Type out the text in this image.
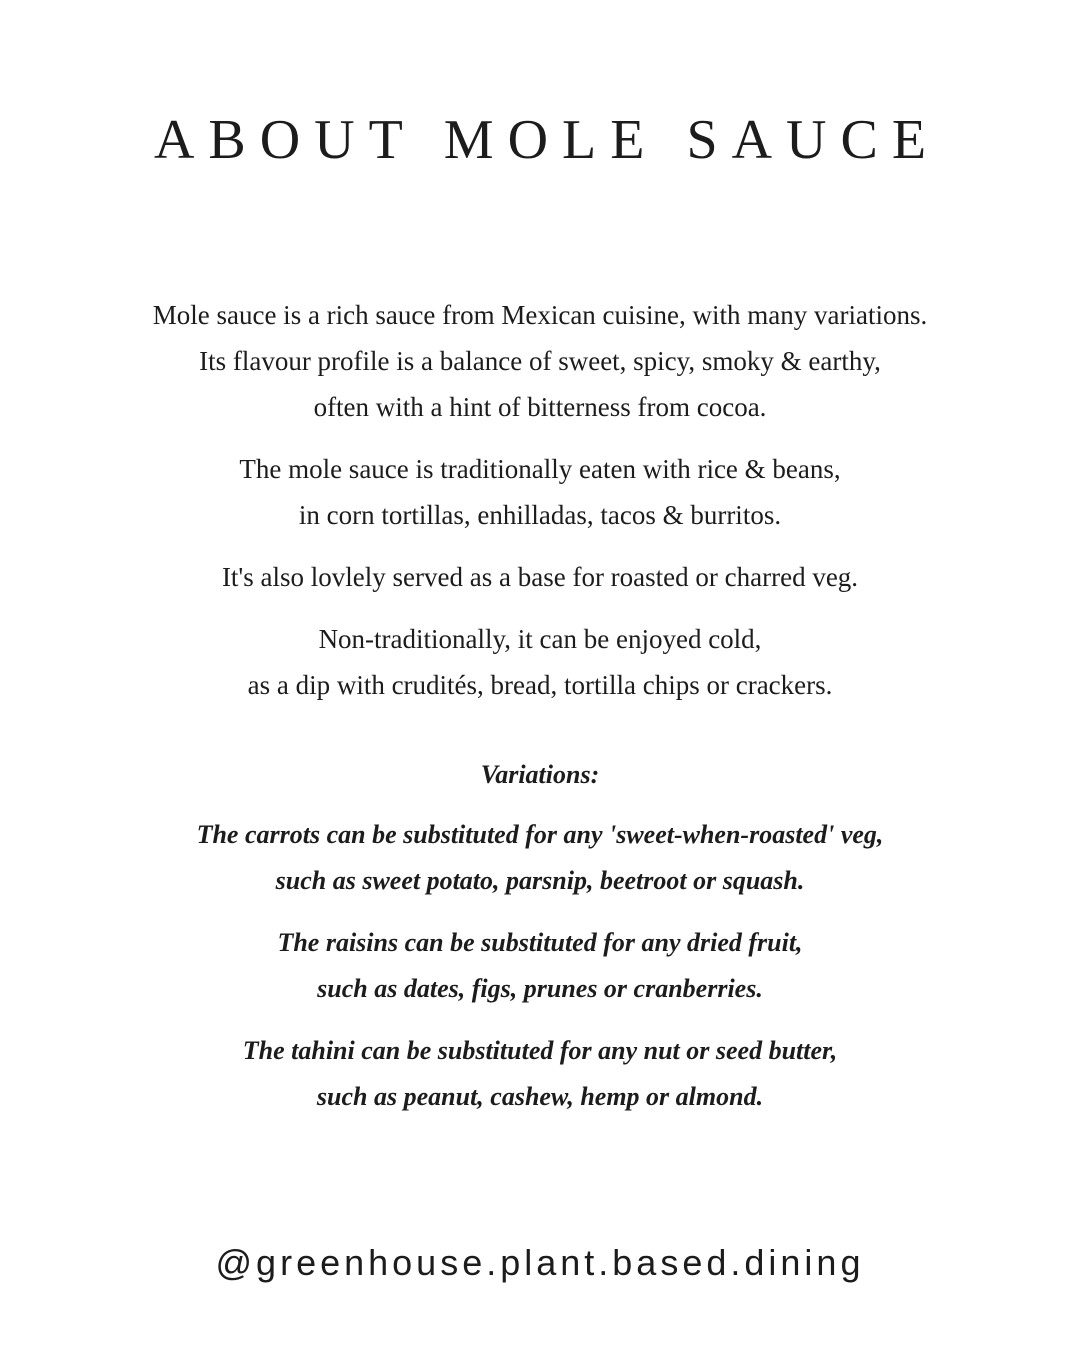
ABOUT MOLE SAUCE

Mole sauce is a rich sauce from Mexican cuisine, with many variations.
Its flavour profile is a balance of sweet, spicy, smoky & earthy,
often with a hint of bitterness from cocoa.

The mole sauce is traditionally eaten with rice & beans,
in corn tortillas, enhilladas, tacos & burritos.

It's also lovlely served as a base for roasted or charred veg.

Non-traditionally, it can be enjoyed cold,
as a dip with crudités, bread, tortilla chips or crackers.

Variations:

The carrots can be substituted for any 'sweet-when-roasted' veg,
such as sweet potato, parsnip, beetroot or squash.

The raisins can be substituted for any dried fruit,
such as dates, figs, prunes or cranberries.

The tahini can be substituted for any nut or seed butter,
such as peanut, cashew, hemp or almond.

@greenhouse.plant.based.dining
